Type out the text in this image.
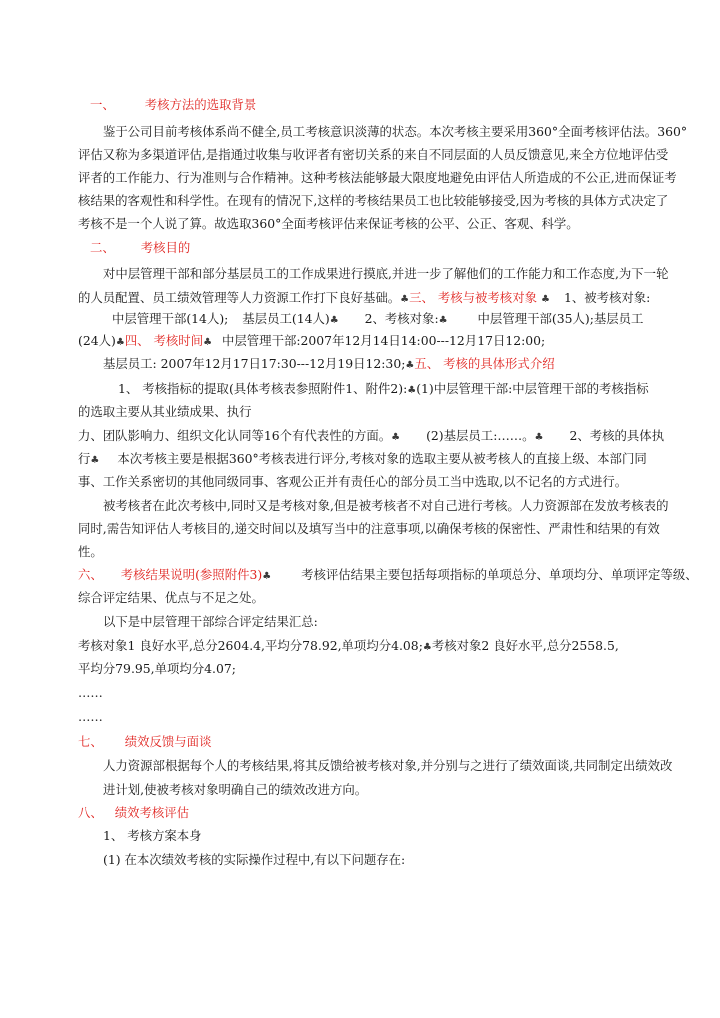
一、 考核方法的选取背景
鉴于公司目前考核体系尚不健全,员工考核意识淡薄的状态。本次考核主要采用360°全面考核评估法。360°
评估又称为多渠道评估,是指通过收集与收评者有密切关系的来自不同层面的人员反馈意见,来全方位地评估受
评者的工作能力、行为准则与合作精神。这种考核法能够最大限度地避免由评估人所造成的不公正,进而保证考
核结果的客观性和科学性。在现有的情况下,这样的考核结果员工也比较能够接受,因为考核的具体方式决定了
考核不是一个人说了算。故选取360°全面考核评估来保证考核的公平、公正、客观、科学。
二、 考核目的
对中层管理干部和部分基层员工的工作成果进行摸底,并进一步了解他们的工作能力和工作态度,为下一轮
的人员配置、员工绩效管理等人力资源工作打下良好基础。♣三、 考核与被考核对象 ♣ 1、被考核对象:
中层管理干部(14人); 基层员工(14人)♣ 2、考核对象:♣ 中层管理干部(35人);基层员工
(24人)♣四、 考核时间♣ 中层管理干部:2007年12月14日14:00---12月17日12:00;
基层员工: 2007年12月17日17:30---12月19日12:30;♣五、 考核的具体形式介绍
1、 考核指标的提取(具体考核表参照附件1、附件2):♣(1)中层管理干部:中层管理干部的考核指标
的选取主要从其业绩成果、执行
力、团队影响力、组织文化认同等16个有代表性的方面。♣ (2)基层员工:……。♣ 2、考核的具体执
行♣ 本次考核主要是根据360°考核表进行评分,考核对象的选取主要从被考核人的直接上级、本部门同
事、工作关系密切的其他同级同事、客观公正并有责任心的部分员工当中选取,以不记名的方式进行。
被考核者在此次考核中,同时又是考核对象,但是被考核者不对自己进行考核。人力资源部在发放考核表的
同时,需告知评估人考核目的,递交时间以及填写当中的注意事项,以确保考核的保密性、严肃性和结果的有效
性。
六、 考核结果说明(参照附件3)♣ 考核评估结果主要包括每项指标的单项总分、单项均分、单项评定等级、
综合评定结果、优点与不足之处。
以下是中层管理干部综合评定结果汇总:
考核对象1 良好水平,总分2604.4,平均分78.92,单项均分4.08;♣考核对象2 良好水平,总分2558.5,
平均分79.95,单项均分4.07;
……
……
七、 绩效反馈与面谈
人力资源部根据每个人的考核结果,将其反馈给被考核对象,并分别与之进行了绩效面谈,共同制定出绩效改
进计划,使被考核对象明确自己的绩效改进方向。
八、 绩效考核评估
1、 考核方案本身
(1) 在本次绩效考核的实际操作过程中,有以下问题存在:
